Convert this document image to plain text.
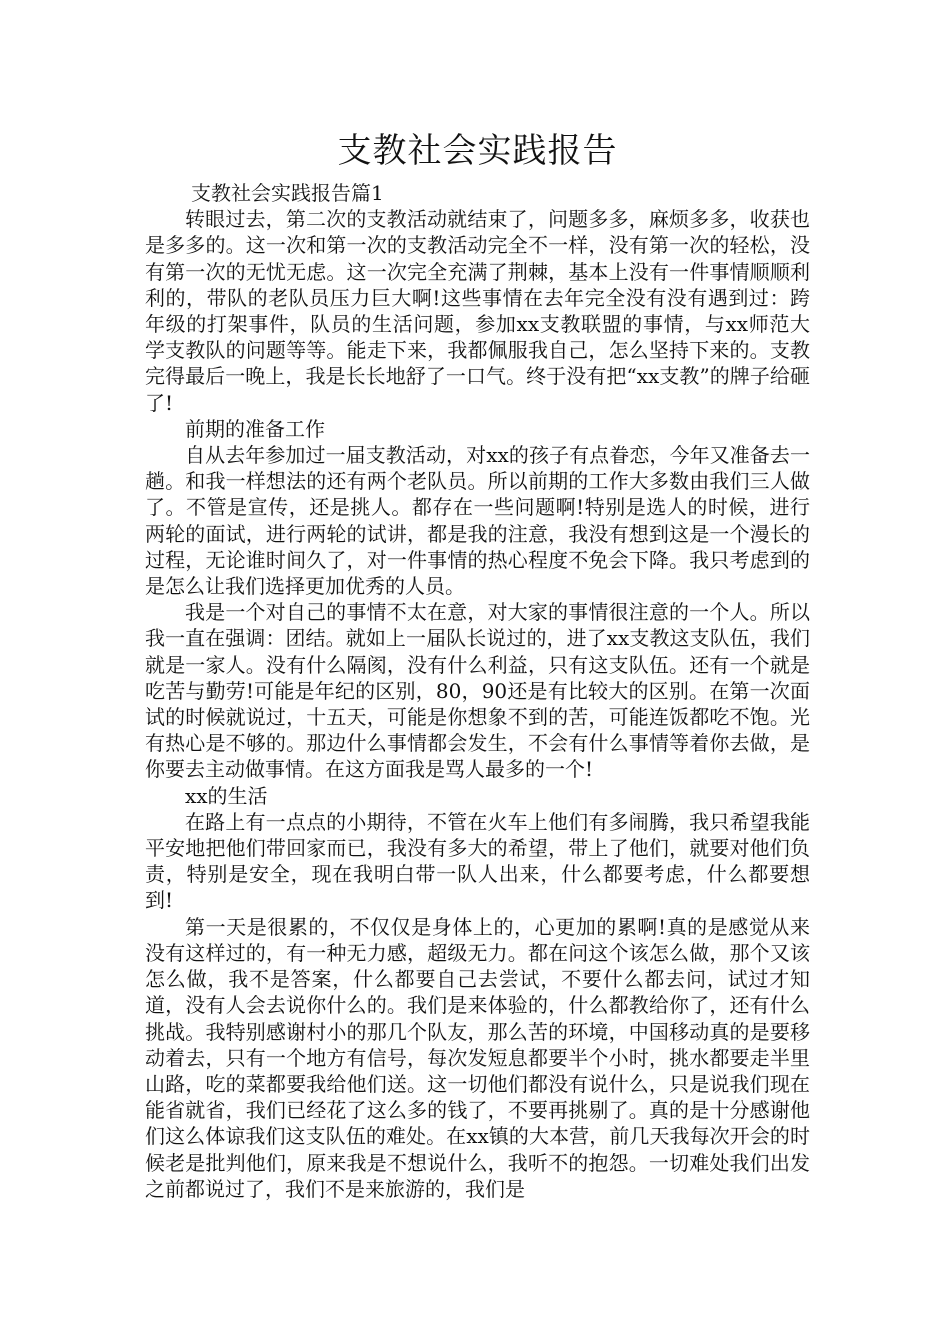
支教社会实践报告

支教社会实践报告篇1

转眼过去，第二次的支教活动就结束了，问题多多，麻烦多多，收获也是多多的。这一次和第一次的支教活动完全不一样，没有第一次的轻松，没有第一次的无忧无虑。这一次完全充满了荆棘，基本上没有一件事情顺顺利利的，带队的老队员压力巨大啊!这些事情在去年完全没有没有遇到过：跨年级的打架事件，队员的生活问题，参加xx支教联盟的事情，与xx师范大学支教队的问题等等。能走下来，我都佩服我自己，怎么坚持下来的。支教完得最后一晚上，我是长长地舒了一口气。终于没有把“xx支教”的牌子给砸了!

前期的准备工作

自从去年参加过一届支教活动，对xx的孩子有点眷恋，今年又准备去一趟。和我一样想法的还有两个老队员。所以前期的工作大多数由我们三人做了。不管是宣传，还是挑人。都存在一些问题啊!特别是选人的时候，进行两轮的面试，进行两轮的试讲，都是我的注意，我没有想到这是一个漫长的过程，无论谁时间久了，对一件事情的热心程度不免会下降。我只考虑到的是怎么让我们选择更加优秀的人员。

我是一个对自己的事情不太在意，对大家的事情很注意的一个人。所以我一直在强调：团结。就如上一届队长说过的，进了xx支教这支队伍，我们就是一家人。没有什么隔阂，没有什么利益，只有这支队伍。还有一个就是吃苦与勤劳!可能是年纪的区别，80，90还是有比较大的区别。在第一次面试的时候就说过，十五天，可能是你想象不到的苦，可能连饭都吃不饱。光有热心是不够的。那边什么事情都会发生，不会有什么事情等着你去做，是你要去主动做事情。在这方面我是骂人最多的一个!

xx的生活

在路上有一点点的小期待，不管在火车上他们有多闹腾，我只希望我能平安地把他们带回家而已，我没有多大的希望，带上了他们，就要对他们负责，特别是安全，现在我明白带一队人出来，什么都要考虑，什么都要想到!

第一天是很累的，不仅仅是身体上的，心更加的累啊!真的是感觉从来没有这样过的，有一种无力感，超级无力。都在问这个该怎么做，那个又该怎么做，我不是答案，什么都要自己去尝试，不要什么都去问，试过才知道，没有人会去说你什么的。我们是来体验的，什么都教给你了，还有什么挑战。我特别感谢村小的那几个队友，那么苦的环境，中国移动真的是要移动着去，只有一个地方有信号，每次发短息都要半个小时，挑水都要走半里山路，吃的菜都要我给他们送。这一切他们都没有说什么，只是说我们现在能省就省，我们已经花了这么多的钱了，不要再挑剔了。真的是十分感谢他们这么体谅我们这支队伍的难处。在xx镇的大本营，前几天我每次开会的时候老是批判他们，原来我是不想说什么，我听不的抱怨。一切难处我们出发之前都说过了，我们不是来旅游的，我们是
